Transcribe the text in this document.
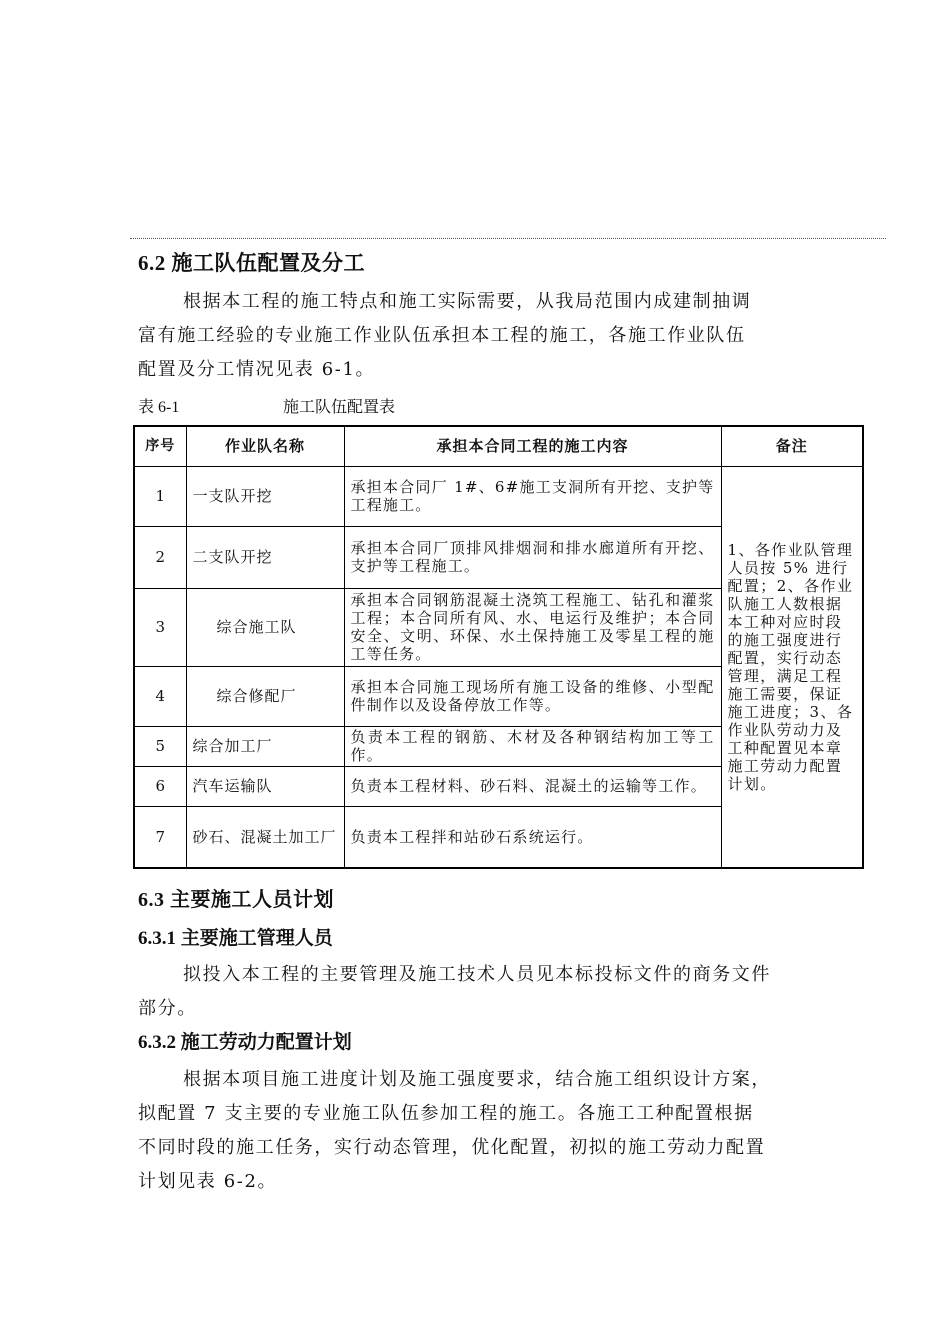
6.2 施工队伍配置及分工
根据本工程的施工特点和施工实际需要，从我局范围内成建制抽调
富有施工经验的专业施工作业队伍承担本工程的施工，各施工作业队伍
配置及分工情况见表 6-1。
表 6-1	施工队伍配置表
序号	作业队名称	承担本合同工程的施工内容	备注
1	一支队开挖	承担本合同厂 1#、6#施工支洞所有开挖、支护等工程施工。	1、各作业队管理人员按 5% 进行配置；2、各作业队施工人数根据本工种对应时段的施工强度进行配置，实行动态管理，满足工程施工需要，保证施工进度；3、各作业队劳动力及工种配置见本章施工劳动力配置计划。
2	二支队开挖	承担本合同厂顶排风排烟洞和排水廊道所有开挖、支护等工程施工。	
3	综合施工队	承担本合同钢筋混凝土浇筑工程施工、钻孔和灌浆工程；本合同所有风、水、电运行及维护；本合同安全、文明、环保、水土保持施工及零星工程的施工等任务。	
4	综合修配厂	承担本合同施工现场所有施工设备的维修、小型配件制作以及设备停放工作等。	
5	综合加工厂	负责本工程的钢筋、木材及各种钢结构加工等工作。	
6	汽车运输队	负责本工程材料、砂石料、混凝土的运输等工作。	
7	砂石、混凝土加工厂	负责本工程拌和站砂石系统运行。	
6.3 主要施工人员计划
6.3.1 主要施工管理人员
拟投入本工程的主要管理及施工技术人员见本标投标文件的商务文件
部分。
6.3.2 施工劳动力配置计划
根据本项目施工进度计划及施工强度要求，结合施工组织设计方案，
拟配置 7 支主要的专业施工队伍参加工程的施工。各施工工种配置根据
不同时段的施工任务，实行动态管理，优化配置，初拟的施工劳动力配置
计划见表 6-2。
